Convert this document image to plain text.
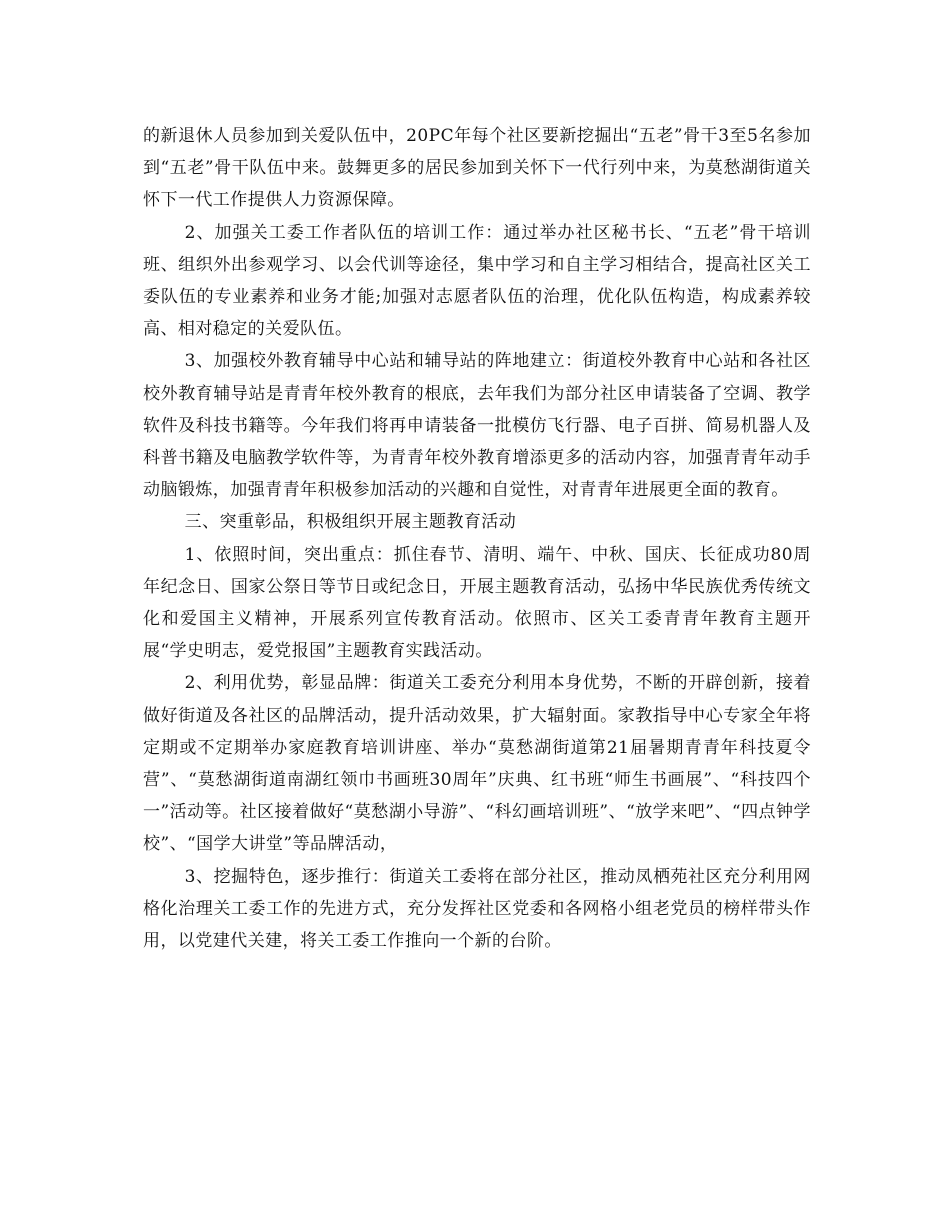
的新退休人员参加到关爱队伍中，20PC年每个社区要新挖掘出“五老”骨干3至5名参加到“五老”骨干队伍中来。鼓舞更多的居民参加到关怀下一代行列中来，为莫愁湖街道关怀下一代工作提供人力资源保障。

2、加强关工委工作者队伍的培训工作：通过举办社区秘书长、“五老”骨干培训班、组织外出参观学习、以会代训等途径，集中学习和自主学习相结合，提高社区关工委队伍的专业素养和业务才能;加强对志愿者队伍的治理，优化队伍构造，构成素养较高、相对稳定的关爱队伍。

3、加强校外教育辅导中心站和辅导站的阵地建立：街道校外教育中心站和各社区校外教育辅导站是青青年校外教育的根底，去年我们为部分社区申请装备了空调、教学软件及科技书籍等。今年我们将再申请装备一批模仿飞行器、电子百拼、简易机器人及科普书籍及电脑教学软件等，为青青年校外教育增添更多的活动内容，加强青青年动手动脑锻炼，加强青青年积极参加活动的兴趣和自觉性，对青青年进展更全面的教育。

三、突重彰品，积极组织开展主题教育活动

1、依照时间，突出重点：抓住春节、清明、端午、中秋、国庆、长征成功80周年纪念日、国家公祭日等节日或纪念日，开展主题教育活动，弘扬中华民族优秀传统文化和爱国主义精神，开展系列宣传教育活动。依照市、区关工委青青年教育主题开展“学史明志，爱党报国”主题教育实践活动。

2、利用优势，彰显品牌：街道关工委充分利用本身优势，不断的开辟创新，接着做好街道及各社区的品牌活动，提升活动效果，扩大辐射面。家教指导中心专家全年将定期或不定期举办家庭教育培训讲座、举办“莫愁湖街道第21届暑期青青年科技夏令营”、“莫愁湖街道南湖红领巾书画班30周年”庆典、红书班“师生书画展”、“科技四个一”活动等。社区接着做好“莫愁湖小导游”、“科幻画培训班”、“放学来吧”、“四点钟学校”、“国学大讲堂”等品牌活动，

3、挖掘特色，逐步推行：街道关工委将在部分社区，推动凤栖苑社区充分利用网格化治理关工委工作的先进方式，充分发挥社区党委和各网格小组老党员的榜样带头作用，以党建代关建，将关工委工作推向一个新的台阶。
